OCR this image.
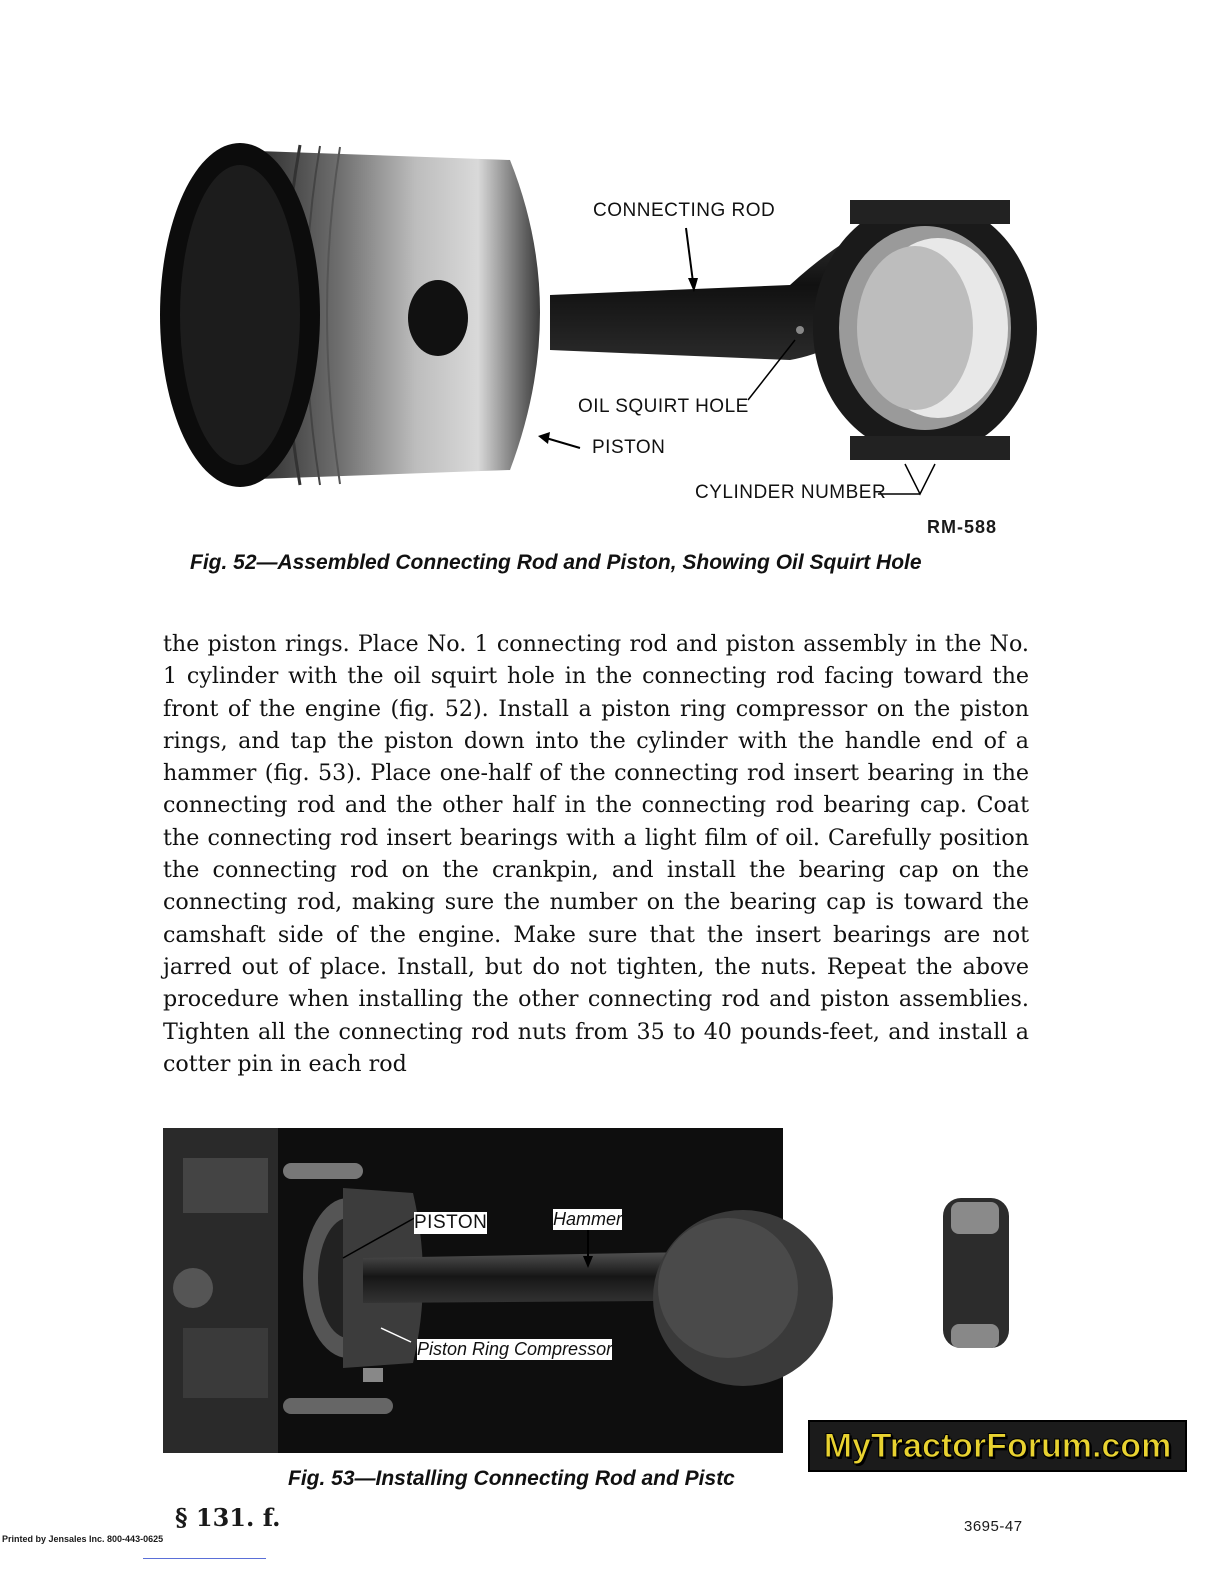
CONNECTING ROD
OIL SQUIRT HOLE
PISTON
CYLINDER NUMBER
RM-588
Fig. 52—Assembled Connecting Rod and Piston, Showing Oil Squirt Hole

the piston rings. Place No. 1 connecting rod and piston assembly in the No. 1 cylinder with the oil squirt hole in the connecting rod facing toward the front of the engine (fig. 52). Install a piston ring compressor on the piston rings, and tap the piston down into the cylinder with the handle end of a hammer (fig. 53). Place one-half of the connecting rod insert bearing in the connecting rod and the other half in the connecting rod bearing cap. Coat the connecting rod insert bearings with a light film of oil. Carefully position the connecting rod on the crankpin, and install the bearing cap on the connecting rod, making sure the number on the bearing cap is toward the camshaft side of the engine. Make sure that the insert bearings are not jarred out of place. Install, but do not tighten, the nuts. Repeat the above procedure when installing the other connecting rod and piston assemblies. Tighten all the connecting rod nuts from 35 to 40 pounds-feet, and install a cotter pin in each rod

PISTON	Hammer
Piston Ring Compressor
MyTractorForum.com
Fig. 53—Installing Connecting Rod and Pistc
§ 131. f.	3695-47
Printed by Jensales Inc. 800-443-0625
